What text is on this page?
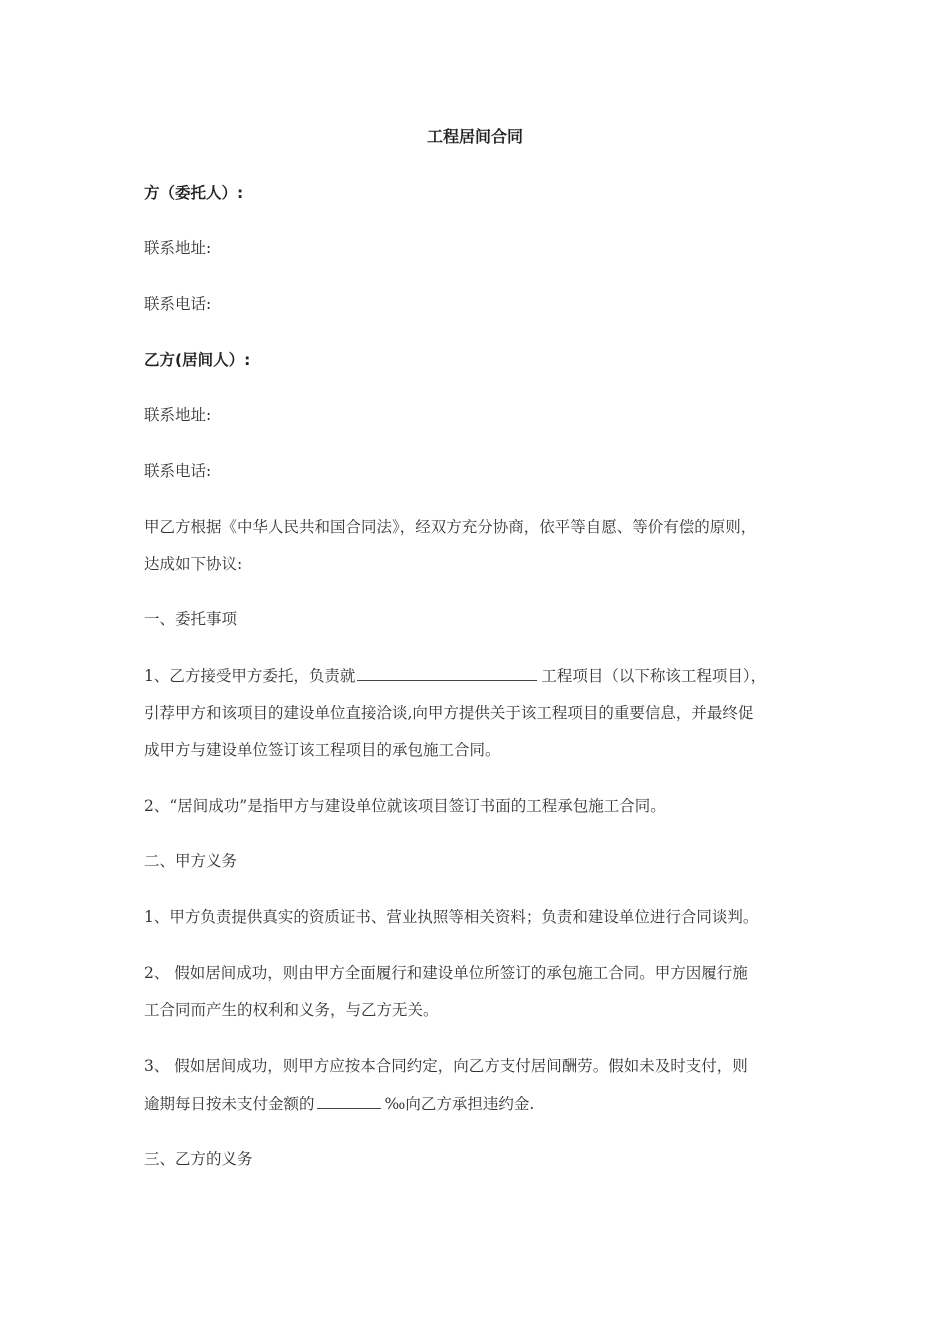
工程居间合同
方（委托人）:
联系地址:
联系电话:
乙方(居间人）:
联系地址:
联系电话:
甲乙方根据《中华人民共和国合同法》，经双方充分协商，依平等自愿、等价有偿的原则，
达成如下协议:
一、委托事项
1、乙方接受甲方委托，负责就	工程项目（以下称该工程项目），
引荐甲方和该项目的建设单位直接洽谈,向甲方提供关于该工程项目的重要信息，并最终促
成甲方与建设单位签订该工程项目的承包施工合同。
2、“居间成功”是指甲方与建设单位就该项目签订书面的工程承包施工合同。
二、甲方义务
1、甲方负责提供真实的资质证书、营业执照等相关资料；负责和建设单位进行合同谈判。
2、 假如居间成功，则由甲方全面履行和建设单位所签订的承包施工合同。甲方因履行施
工合同而产生的权利和义务，与乙方无关。
3、 假如居间成功，则甲方应按本合同约定，向乙方支付居间酬劳。假如未及时支付，则
逾期每日按未支付金额的	‰向乙方承担违约金.
三、乙方的义务
